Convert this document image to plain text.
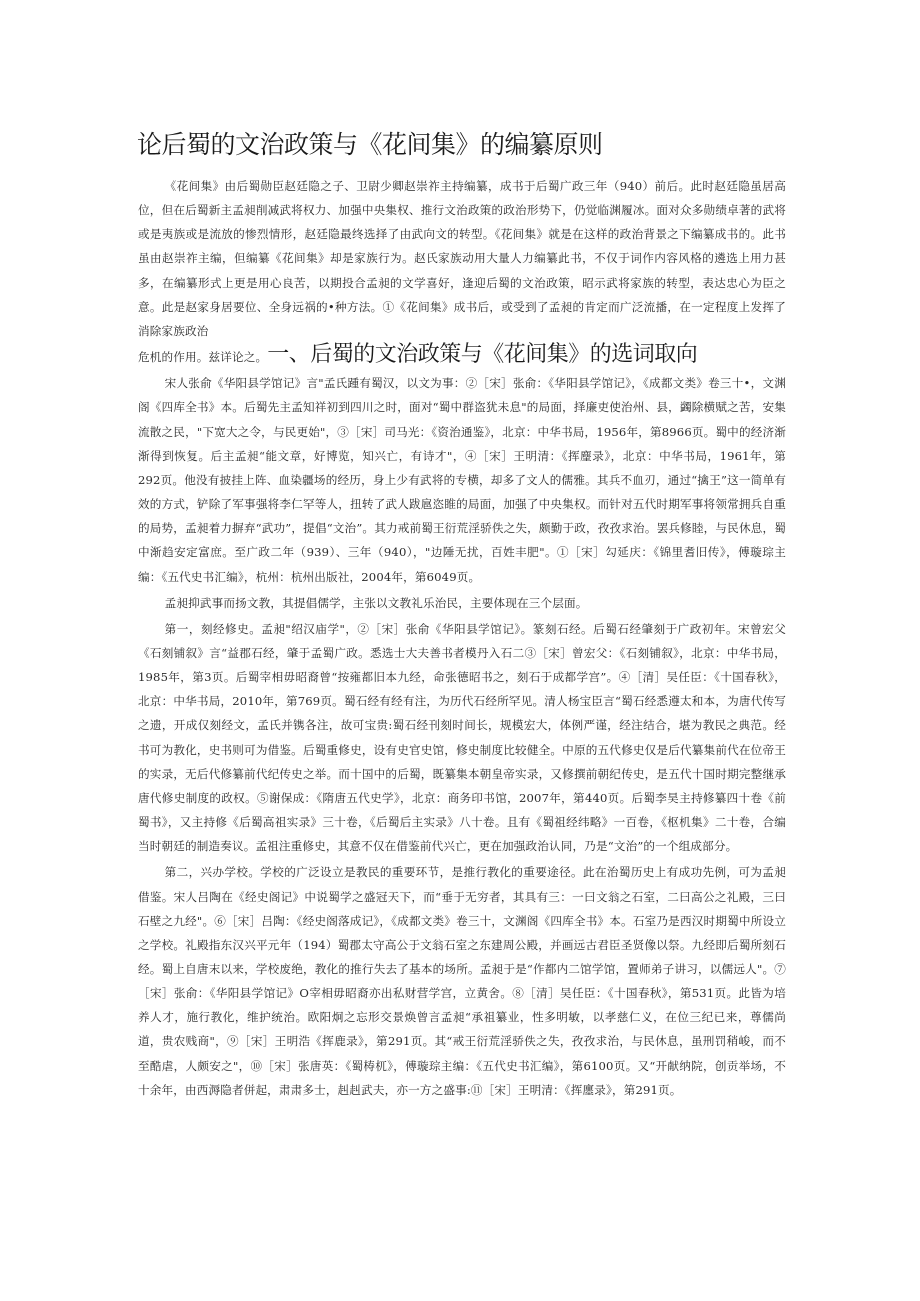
论后蜀的文治政策与《花间集》的编纂原则

《花间集》由后蜀勋臣赵廷隐之子、卫尉少卿赵崇祚主持编纂，成书于后蜀广政三年（940）前后。此时赵廷隐虽居高位，但在后蜀新主孟昶削减武将权力、加强中央集权、推行文治政策的政治形势下，仍觉临渊履冰。面对众多勋绩卓著的武将或是夷族或是流放的惨烈情形，赵廷隐最终选择了由武向文的转型。《花间集》就是在这样的政治背景之下编纂成书的。此书虽由赵崇祚主编，但编纂《花间集》却是家族行为。赵氏家族动用大量人力编纂此书，不仅于词作内容风格的遴选上用力甚多，在编纂形式上更是用心良苦，以期投合孟昶的文学喜好，逢迎后蜀的文治政策，昭示武将家族的转型，表达忠心为臣之意。此是赵家身居要位、全身远祸的•种方法。①《花间集》成书后，或受到了孟昶的肯定而广泛流播，在一定程度上发挥了消除家族政治
危机的作用。兹详论之。一、后蜀的文治政策与《花间集》的选词取向

宋人张俞《华阳县学馆记》言"孟氏踵有蜀汉，以文为事：②［宋］张俞：《华阳县学馆记》，《成都文类》卷三十•，文渊阁《四库全书》本。后蜀先主孟知祥初到四川之时，面对“蜀中群盗犹未息"的局面，择廉吏使治州、县，蠲除横赋之苦，安集流散之民，"下宽大之令，与民更始"，③［宋］司马光：《资治通鉴》，北京：中华书局，1956年，第8966页。蜀中的经济渐渐得到恢复。后主孟昶“能文章，好博览，知兴亡，有诗才"，④［宋］王明清：《挥麈录》，北京：中华书局，1961年，第292页。他没有披挂上阵、血染疆场的经历，身上少有武将的专横，却多了文人的儒雅。其兵不血刃，通过“擒王”这一简单有效的方式，铲除了军事强将李仁罕等人，扭转了武人跋扈恣睢的局面，加强了中央集权。而针对五代时期军事将领常拥兵自重的局势，孟昶着力摒弃“武功”，提倡“文治”。其力戒前蜀王衍荒淫骄佚之失，颇勤于政，孜孜求治。罢兵修睦，与民休息，蜀中渐趋安定富庶。至广政二年（939）、三年（940），"边陲无扰，百姓丰肥"。①［宋］勾延庆：《锦里耆旧传》，傅璇琮主编：《五代史书汇编》，杭州：杭州出版社，2004年，第6049页。

孟昶抑武事而扬文教，其提倡儒学，主张以文教礼乐治民，主要体现在三个层面。

第一，刻经修史。孟昶"绍汉庙学"，②［宋］张俞《华阳县学馆记》。篆刻石经。后蜀石经肇刻于广政初年。宋曾宏父《石刻铺叙》言“益郡石经，肇于孟蜀广政。悉选士大夫善书者模丹入石二③［宋］曾宏父：《石刻铺叙》，北京：中华书局，1985年，第3页。后蜀宰相毋昭裔曾“按雍都旧本九经，命张德昭书之，刻石于成都学宫”。④［清］吴任臣：《十国春秋》，北京：中华书局，2010年，第769页。蜀石经有经有注，为历代石经所罕见。清人杨宝臣言“蜀石经悉遵太和本，为唐代传写之遗，开成仅刻经文，孟氏并镌各注，故可宝贵:蜀石经刊刻时间长，规模宏大，体例严谨，经注结合，堪为教民之典范。经书可为教化，史书则可为借鉴。后蜀重修史，设有史官史馆，修史制度比较健全。中原的五代修史仅是后代纂集前代在位帝王的实录，无后代修纂前代纪传史之举。而十国中的后蜀，既纂集本朝皇帝实录，又修撰前朝纪传史，是五代十国时期完整继承唐代修史制度的政权。⑤谢保成：《隋唐五代史学》，北京：商务印书馆，2007年，第440页。后蜀李昊主持修纂四十卷《前蜀书》，又主持修《后蜀高祖实录》三十卷，《后蜀后主实录》八十卷。且有《蜀祖经纬略》一百卷，《枢机集》二十卷，合编当时朝廷的制造奏议。孟祖注重修史，其意不仅在借鉴前代兴亡，更在加强政治认同，乃是“文治”的一个组成部分。

第二，兴办学校。学校的广泛设立是教民的重要环节，是推行教化的重要途径。此在治蜀历史上有成功先例，可为孟昶借鉴。宋人吕陶在《经史阁记》中说蜀学之盛冠天下，而“垂于无穷者，其具有三：一曰文翁之石室，二曰高公之礼殿，三曰石壁之九经"。⑥［宋］吕陶：《经史阁落成记》，《成都文类》卷三十，文渊阁《四库全书》本。石室乃是西汉时期蜀中所设立之学校。礼殿指东汉兴平元年（194）蜀郡太守高公于文翁石室之东建周公殿，并画远古君臣圣贤像以祭。九经即后蜀所刻石经。蜀上自唐末以来，学校废绝，教化的推行失去了基本的场所。孟昶于是“作都内二馆学馆，置师弟子讲习，以儒远人"。⑦［宋］张俞：《华阳县学馆记》O宰相毋昭裔亦出私财营学宫，立黄舍。⑧［清］吴任臣：《十国春秋》，第531页。此皆为培养人才，施行教化，维护统治。欧阳炯之忘形交景焕曾言孟昶“承祖纂业，性多明敏，以孝慈仁义，在位三纪已来，尊儒尚道，贵农贱商"，⑨［宋］王明浩《挥鹿录》，第291页。其“戒王衍荒淫骄佚之失，孜孜求治，与民休息，虽刑罚稍峻，而不至酷虐，人颇安之"，⑩［宋］张唐英：《蜀梼杌》，傅璇琮主编：《五代史书汇编》，第6100页。又“开献纳院，创贡举场，不十余年，由西溽隐者併起，肃肃多士，赳赳武夫，亦一方之盛事:⑪［宋］王明清：《挥廛录》，第291页。
